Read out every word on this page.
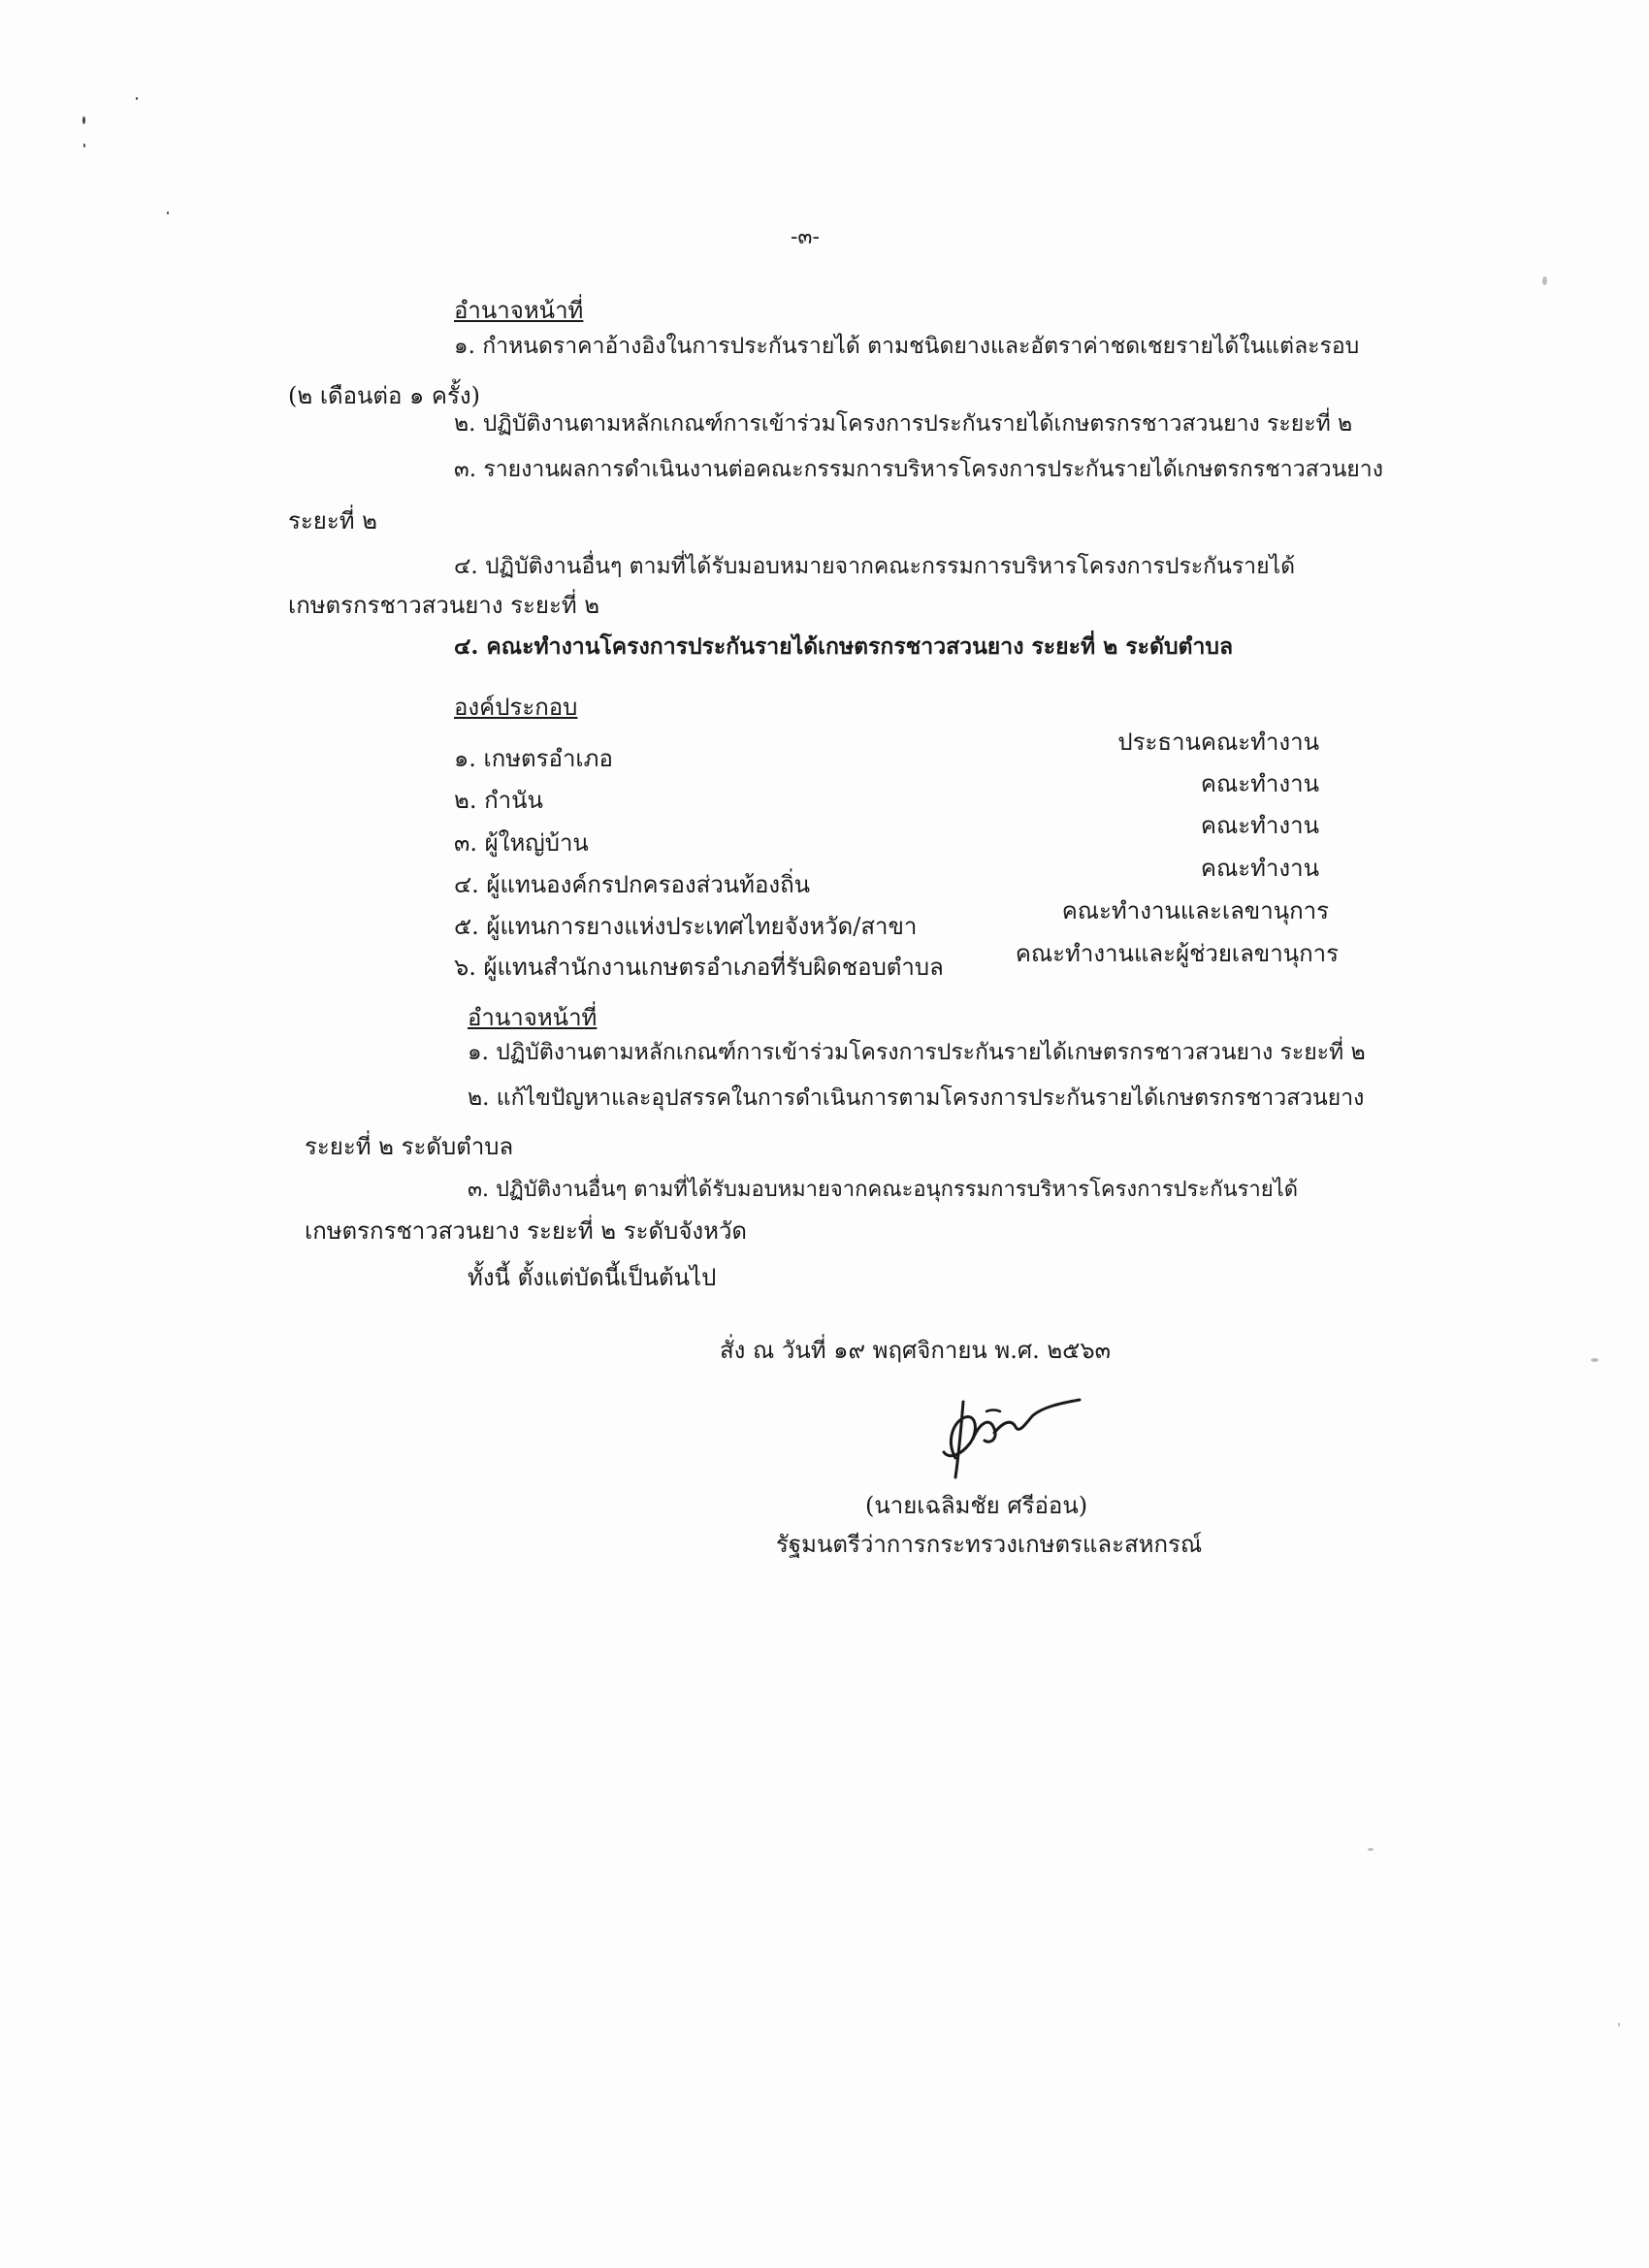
-๓-
อำนาจหน้าที่
๑. กำหนดราคาอ้างอิงในการประกันรายได้ ตามชนิดยางและอัตราค่าชดเชยรายได้ในแต่ละรอบ
(๒ เดือนต่อ ๑ ครั้ง)
๒. ปฏิบัติงานตามหลักเกณฑ์การเข้าร่วมโครงการประกันรายได้เกษตรกรชาวสวนยาง ระยะที่ ๒
๓. รายงานผลการดำเนินงานต่อคณะกรรมการบริหารโครงการประกันรายได้เกษตรกรชาวสวนยาง
ระยะที่ ๒
๔. ปฏิบัติงานอื่นๆ ตามที่ได้รับมอบหมายจากคณะกรรมการบริหารโครงการประกันรายได้
เกษตรกรชาวสวนยาง ระยะที่ ๒
๔. คณะทำงานโครงการประกันรายได้เกษตรกรชาวสวนยาง ระยะที่ ๒ ระดับตำบล
องค์ประกอบ
๑. เกษตรอำเภอ
ประธานคณะทำงาน
๒. กำนัน
คณะทำงาน
๓. ผู้ใหญ่บ้าน
คณะทำงาน
๔. ผู้แทนองค์กรปกครองส่วนท้องถิ่น
คณะทำงาน
๕. ผู้แทนการยางแห่งประเทศไทยจังหวัด/สาขา
คณะทำงานและเลขานุการ
๖. ผู้แทนสำนักงานเกษตรอำเภอที่รับผิดชอบตำบล	คณะทำงานและผู้ช่วยเลขานุการ
อำนาจหน้าที่
๑. ปฏิบัติงานตามหลักเกณฑ์การเข้าร่วมโครงการประกันรายได้เกษตรกรชาวสวนยาง ระยะที่ ๒
๒. แก้ไขปัญหาและอุปสรรคในการดำเนินการตามโครงการประกันรายได้เกษตรกรชาวสวนยาง
ระยะที่ ๒ ระดับตำบล
๓. ปฏิบัติงานอื่นๆ ตามที่ได้รับมอบหมายจากคณะอนุกรรมการบริหารโครงการประกันรายได้
เกษตรกรชาวสวนยาง ระยะที่ ๒ ระดับจังหวัด
ทั้งนี้ ตั้งแต่บัดนี้เป็นต้นไป
สั่ง ณ วันที่ ๑๙ พฤศจิกายน พ.ศ. ๒๕๖๓
(นายเฉลิมชัย ศรีอ่อน)
รัฐมนตรีว่าการกระทรวงเกษตรและสหกรณ์
